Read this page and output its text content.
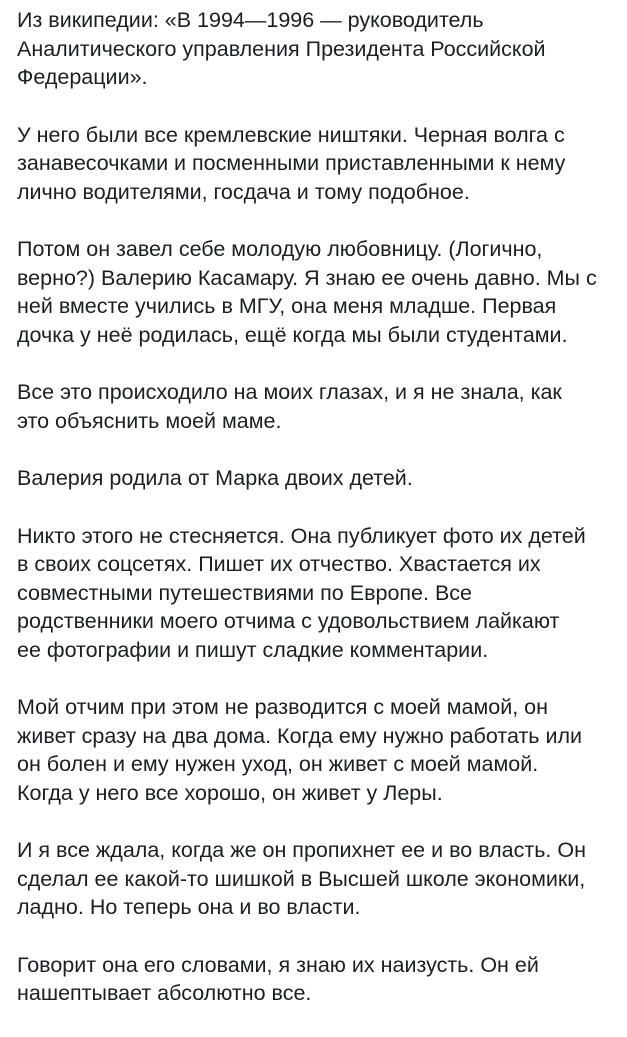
Из википедии: «В 1994—1996 — руководитель
Аналитического управления Президента Российской
Федерации».

У него были все кремлевские ништяки. Черная волга с
занавесочками и посменными приставленными к нему
лично водителями, госдача и тому подобное.

Потом он завел себе молодую любовницу. (Логично,
верно?) Валерию Касамару. Я знаю ее очень давно. Мы с
ней вместе учились в МГУ, она меня младше. Первая
дочка у неё родилась, ещё когда мы были студентами.

Все это происходило на моих глазах, и я не знала, как
это объяснить моей маме.

Валерия родила от Марка двоих детей.

Никто этого не стесняется. Она публикует фото их детей
в своих соцсетях. Пишет их отчество. Хвастается их
совместными путешествиями по Европе. Все
родственники моего отчима с удовольствием лайкают
ее фотографии и пишут сладкие комментарии.

Мой отчим при этом не разводится с моей мамой, он
живет сразу на два дома. Когда ему нужно работать или
он болен и ему нужен уход, он живет с моей мамой.
Когда у него все хорошо, он живет у Леры.

И я все ждала, когда же он пропихнет ее и во власть. Он
сделал ее какой-то шишкой в Высшей школе экономики,
ладно. Но теперь она и во власти.

Говорит она его словами, я знаю их наизусть. Он ей
нашептывает абсолютно все.
